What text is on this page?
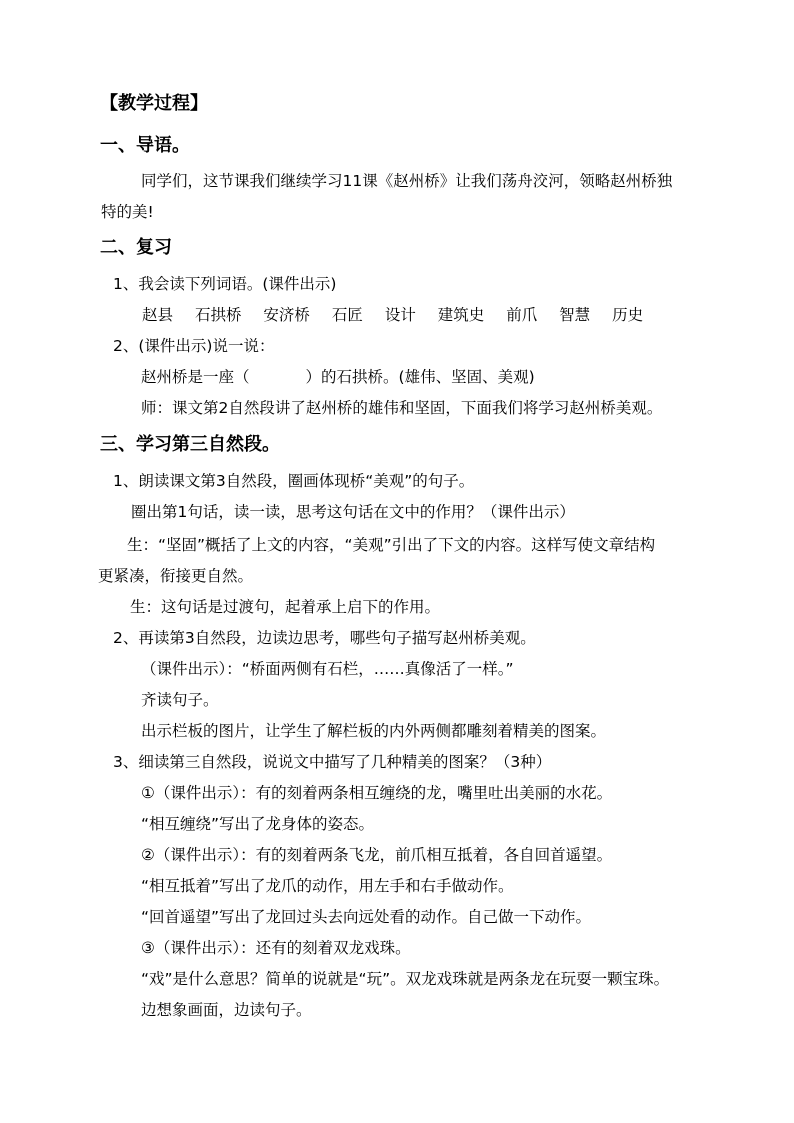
【教学过程】
一、导语。
同学们，这节课我们继续学习11课《赵州桥》让我们荡舟洨河，领略赵州桥独
特的美!
二、复习
1、我会读下列词语。(课件出示)
赵县 石拱桥 安济桥 石匠 设计 建筑史 前爪 智慧 历史
2、(课件出示)说一说：
赵州桥是一座（	）的石拱桥。(雄伟、坚固、美观)
师：课文第2自然段讲了赵州桥的雄伟和坚固，下面我们将学习赵州桥美观。
三、学习第三自然段。
1、朗读课文第3自然段，圈画体现桥“美观”的句子。
圈出第1句话，读一读，思考这句话在文中的作用？（课件出示）
生：“坚固”概括了上文的内容，“美观”引出了下文的内容。这样写使文章结构
更紧凑，衔接更自然。
生：这句话是过渡句，起着承上启下的作用。
2、再读第3自然段，边读边思考，哪些句子描写赵州桥美观。
（课件出示）：“桥面两侧有石栏，……真像活了一样。”
齐读句子。
出示栏板的图片，让学生了解栏板的内外两侧都雕刻着精美的图案。
3、细读第三自然段，说说文中描写了几种精美的图案？（3种）
①（课件出示）：有的刻着两条相互缠绕的龙，嘴里吐出美丽的水花。
“相互缠绕”写出了龙身体的姿态。
②（课件出示）：有的刻着两条飞龙，前爪相互抵着，各自回首遥望。
“相互抵着”写出了龙爪的动作，用左手和右手做动作。
“回首遥望”写出了龙回过头去向远处看的动作。自己做一下动作。
③（课件出示）：还有的刻着双龙戏珠。
“戏”是什么意思？简单的说就是“玩”。双龙戏珠就是两条龙在玩耍一颗宝珠。
边想象画面，边读句子。
